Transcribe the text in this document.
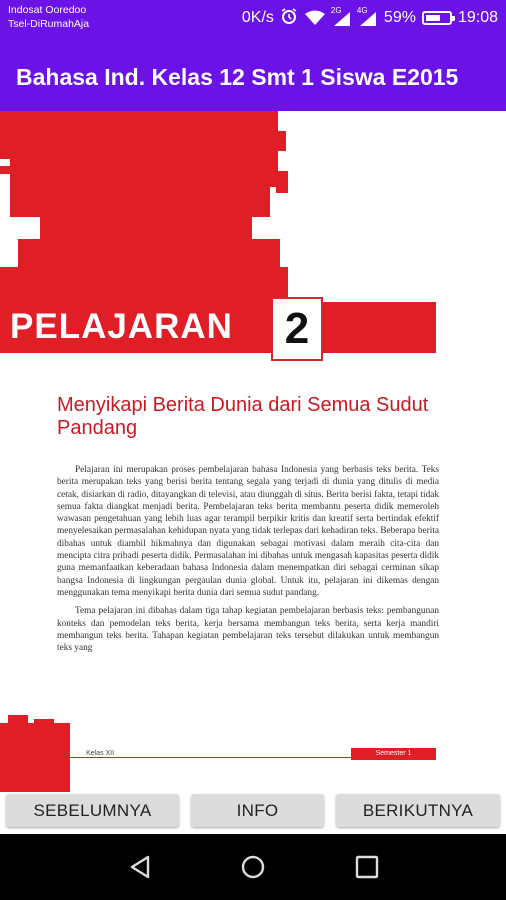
Indosat Ooredoo
Tsel-DiRumahAja	0K/s	2G 4G 59%	19:08
Bahasa Ind. Kelas 12 Smt 1 Siswa E2015
PELAJARAN	2
Menyikapi Berita Dunia dari Semua Sudut Pandang

Pelajaran ini merupakan proses pembelajaran bahasa Indonesia yang berbasis teks berita. Teks berita merupakan teks yang berisi berita tentang segala yang terjadi di dunia yang ditulis di media cetak, disiarkan di radio, ditayangkan di televisi, atau diunggah di situs. Berita berisi fakta, tetapi tidak semua fakta diangkat menjadi berita. Pembelajaran teks berita membantu peserta didik memeroleh wawasan pengetahuan yang lebih luas agar terampil berpikir kritis dan kreatif serta bertindak efektif menyelesaikan permasalahan kehidupan nyata yang tidak terlepas dari kehadiran teks. Beberapa berita dibahas untuk diambil hikmahnya dan digunakan sebagai motivasi dalam meraih cita-cita dan mencipta citra pribadi peserta didik. Permasalahan ini dibahas untuk mengasah kapasitas peserta didik guna memanfaatkan keberadaan bahasa Indonesia dalam menempatkan diri sebagai cerminan sikap bangsa Indonesia di lingkungan pergaulan dunia global. Untuk itu, pelajaran ini dikemas dengan menggunakan tema menyikapi berita dunia dari semua sudut pandang.

Tema pelajaran ini dibahas dalam tiga tahap kegiatan pembelajaran berbasis teks: pembangunan konteks dan pemodelan teks berita, kerja bersama membangun teks berita, serta kerja mandiri membangun teks berita. Tahapan kegiatan pembelajaran teks tersebut dilakukan untuk membangun teks yang

Kelas XII	Semester 1
SEBELUMNYA	INFO	BERIKUTNYA
